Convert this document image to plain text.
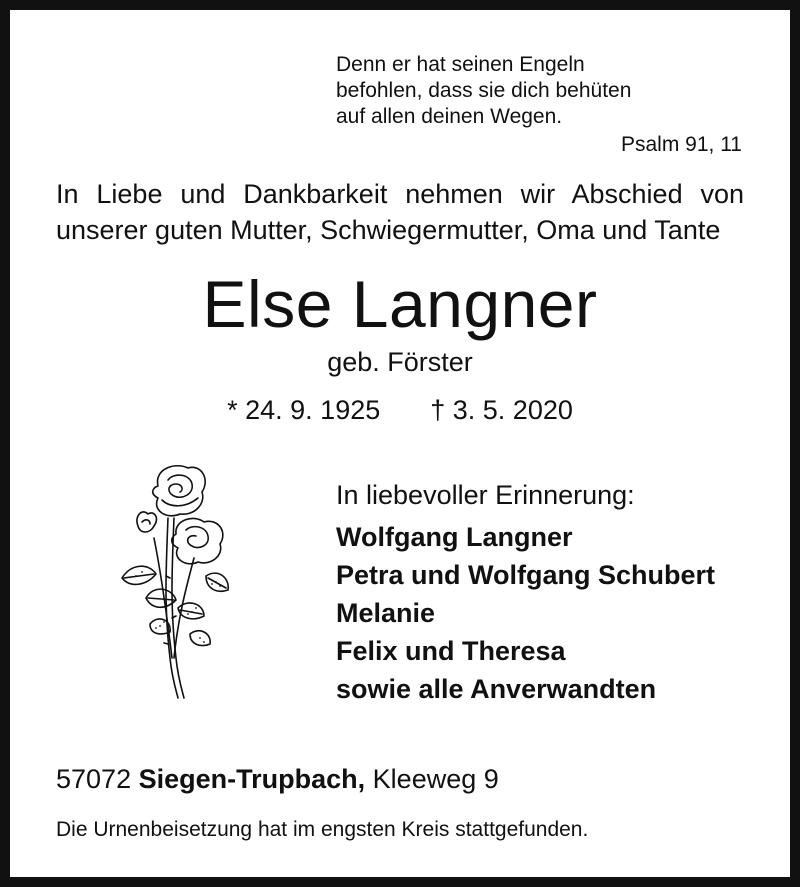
Denn er hat seinen Engeln
befohlen, dass sie dich behüten
auf allen deinen Wegen.
Psalm 91, 11
In Liebe und Dankbarkeit nehmen wir Abschied von
unserer guten Mutter, Schwiegermutter, Oma und Tante
Else Langner
geb. Förster
* 24. 9. 1925 † 3. 5. 2020
In liebevoller Erinnerung:
Wolfgang Langner
Petra und Wolfgang Schubert
Melanie
Felix und Theresa
sowie alle Anverwandten
57072 Siegen-Trupbach, Kleeweg 9
Die Urnenbeisetzung hat im engsten Kreis stattgefunden.
